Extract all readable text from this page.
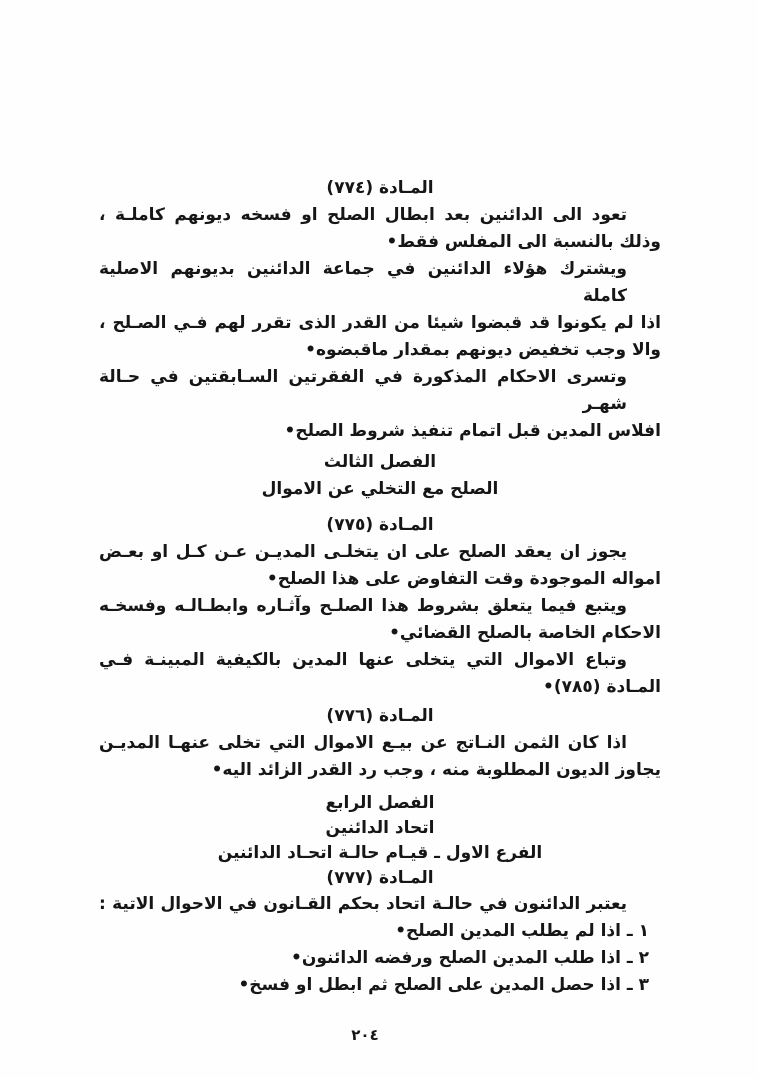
المـادة (٧٧٤)
تعود الى الدائنين بعد ابطال الصلح او فسخه ديونهم كاملـة ،
وذلك بالنسبة الى المفلس فقط•
ويشترك هؤلاء الدائنين في جماعة الدائنين بديونهم الاصلية كاملة
اذا لم يكونوا قد قبضوا شيئا من القدر الذى تقرر لهم فـي الصـلح ،
والا وجب تخفيض ديونهم بمقدار ماقبضوه•
وتسرى الاحكام المذكورة في الفقرتين السـابقتين في حـالة شهـر
افلاس المدين قبل اتمام تنفيذ شروط الصلح•
الفصل الثالث
الصلح مع التخلي عن الاموال
المـادة (٧٧٥)
يجوز ان يعقد الصلح على ان يتخلـى المديـن عـن كـل او بعـض
امواله الموجودة وقت التفاوض على هذا الصلح•
ويتبع فيما يتعلق بشروط هذا الصلـح وآثـاره وابطـالـه وفسخـه
الاحكام الخاصة بالصلح القضائي•
وتباع الاموال التي يتخلى عنها المدين بالكيفية المبينـة فـي
المـادة (٧٨٥)•
المـادة (٧٧٦)
اذا كان الثمن النـاتج عن بيـع الاموال التي تخلى عنهـا المديـن
يجاوز الديون المطلوبة منه ، وجب رد القدر الزائد اليه•
الفصل الرابع
اتحاد الدائنين
الفرع الاول ـ قيـام حالـة اتحـاد الدائنين
المـادة (٧٧٧)
يعتبر الدائنون في حالـة اتحاد بحكم القـانون في الاحوال الاتية :
١ ـ اذا لم يطلب المدين الصلح•
٢ ـ اذا طلب المدين الصلح ورفضه الدائنون•
٣ ـ اذا حصل المدين على الصلح ثم ابطل او فسخ•
٢٠٤
